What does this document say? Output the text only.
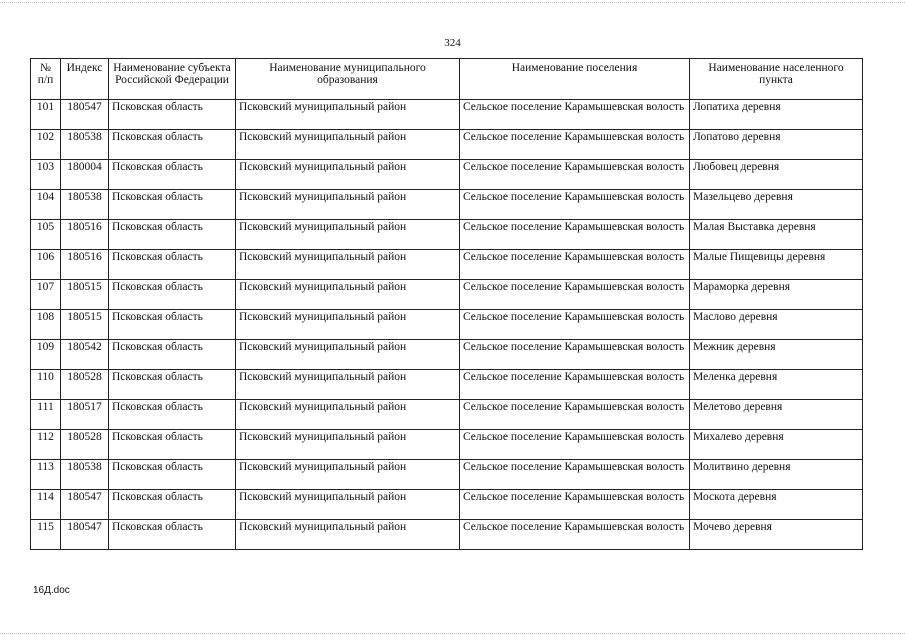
324
№ п/п	Индекс	Наименование субъекта Российской Федерации	Наименование муниципального образования	Наименование поселения	Наименование населенного пункта
101	180547	Псковская область	Псковский муниципальный район	Сельское поселение Карамышевская волость	Лопатиха деревня
102	180538	Псковская область	Псковский муниципальный район	Сельское поселение Карамышевская волость	Лопатово деревня
103	180004	Псковская область	Псковский муниципальный район	Сельское поселение Карамышевская волость	Любовец деревня
104	180538	Псковская область	Псковский муниципальный район	Сельское поселение Карамышевская волость	Мазельцево деревня
105	180516	Псковская область	Псковский муниципальный район	Сельское поселение Карамышевская волость	Малая Выставка деревня
106	180516	Псковская область	Псковский муниципальный район	Сельское поселение Карамышевская волость	Малые Пищевицы деревня
107	180515	Псковская область	Псковский муниципальный район	Сельское поселение Карамышевская волость	Мараморка деревня
108	180515	Псковская область	Псковский муниципальный район	Сельское поселение Карамышевская волость	Маслово деревня
109	180542	Псковская область	Псковский муниципальный район	Сельское поселение Карамышевская волость	Межник деревня
110	180528	Псковская область	Псковский муниципальный район	Сельское поселение Карамышевская волость	Меленка деревня
111	180517	Псковская область	Псковский муниципальный район	Сельское поселение Карамышевская волость	Мелетово деревня
112	180528	Псковская область	Псковский муниципальный район	Сельское поселение Карамышевская волость	Михалево деревня
113	180538	Псковская область	Псковский муниципальный район	Сельское поселение Карамышевская волость	Молитвино деревня
114	180547	Псковская область	Псковский муниципальный район	Сельское поселение Карамышевская волость	Москота деревня
115	180547	Псковская область	Псковский муниципальный район	Сельское поселение Карамышевская волость	Мочево деревня
16Д.doc
